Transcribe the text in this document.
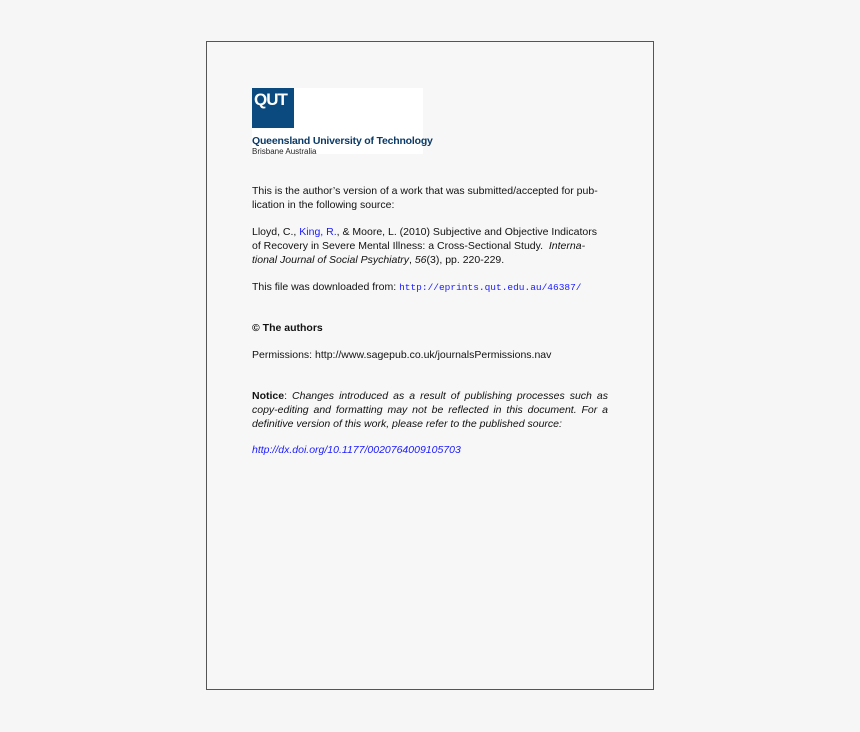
QUT
Queensland University of Technology
Brisbane Australia
This is the author’s version of a work that was submitted/accepted for pub-
lication in the following source:
Lloyd, C., King, R., & Moore, L. (2010) Subjective and Objective Indicators
of Recovery in Severe Mental Illness: a Cross-Sectional Study. Interna-
tional Journal of Social Psychiatry, 56(3), pp. 220-229.
This file was downloaded from: http://eprints.qut.edu.au/46387/
© The authors
Permissions: http://www.sagepub.co.uk/journalsPermissions.nav
Notice: Changes introduced as a result of publishing processes such as copy-editing and formatting may not be reflected in this document. For a definitive version of this work, please refer to the published source:
http://dx.doi.org/10.1177/0020764009105703
